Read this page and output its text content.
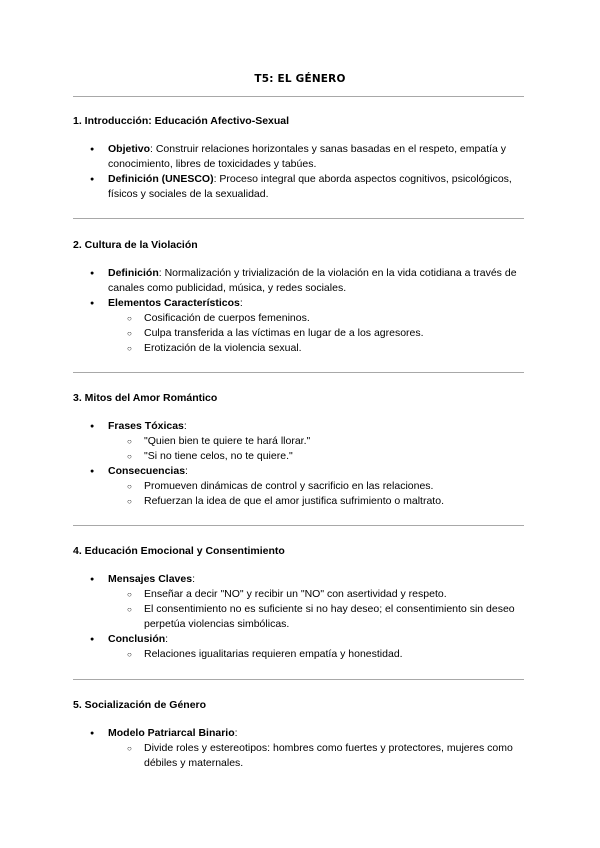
T5: EL GÉNERO
1. Introducción: Educación Afectivo-Sexual
● Objetivo: Construir relaciones horizontales y sanas basadas en el respeto, empatía y conocimiento, libres de toxicidades y tabúes.
● Definición (UNESCO): Proceso integral que aborda aspectos cognitivos, psicológicos, físicos y sociales de la sexualidad.
2. Cultura de la Violación
● Definición: Normalización y trivialización de la violación en la vida cotidiana a través de canales como publicidad, música, y redes sociales.
● Elementos Característicos:
○ Cosificación de cuerpos femeninos.
○ Culpa transferida a las víctimas en lugar de a los agresores.
○ Erotización de la violencia sexual.
3. Mitos del Amor Romántico
● Frases Tóxicas:
○ "Quien bien te quiere te hará llorar."
○ "Si no tiene celos, no te quiere."
● Consecuencias:
○ Promueven dinámicas de control y sacrificio en las relaciones.
○ Refuerzan la idea de que el amor justifica sufrimiento o maltrato.
4. Educación Emocional y Consentimiento
● Mensajes Claves:
○ Enseñar a decir "NO" y recibir un "NO" con asertividad y respeto.
○ El consentimiento no es suficiente si no hay deseo; el consentimiento sin deseo perpetúa violencias simbólicas.
● Conclusión:
○ Relaciones igualitarias requieren empatía y honestidad.
5. Socialización de Género
● Modelo Patriarcal Binario:
○ Divide roles y estereotipos: hombres como fuertes y protectores, mujeres como débiles y maternales.
